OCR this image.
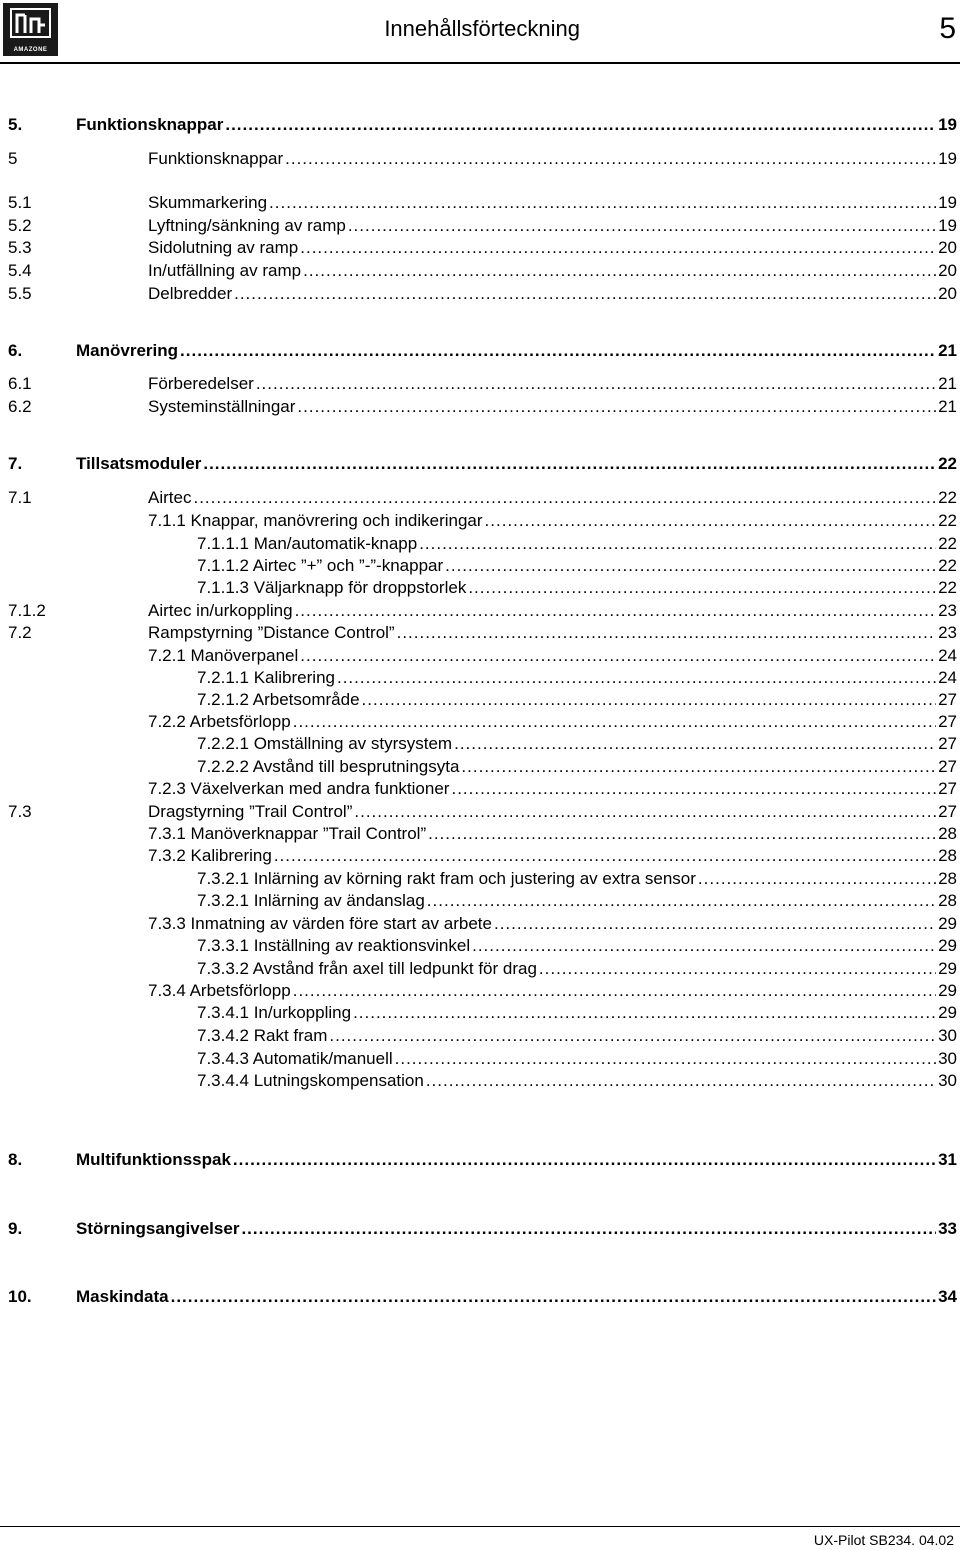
AMAZONE
Innehållsförteckning	5
5.	Funktionsknappar .....	19
5	Funktionsknappar .....	19
5.1	Skummarkering .....	19
5.2	Lyftning/sänkning av ramp .....	19
5.3	Sidolutning av ramp .....	20
5.4	In/utfällning av ramp .....	20
5.5	Delbredder .....	20
6.	Manövrering .....	21
6.1	Förberedelser .....	21
6.2	Systeminställningar .....	21
7.	Tillsatsmoduler .....	22
7.1	Airtec .....	22
7.1.1 Knappar, manövrering och indikeringar .....	22
7.1.1.1 Man/automatik-knapp .....	22
7.1.1.2 Airtec ”+” och ”-”-knappar .....	22
7.1.1.3 Väljarknapp för droppstorlek .....	22
7.1.2	Airtec in/urkoppling .....	23
7.2	Rampstyrning ”Distance Control” .....	23
7.2.1 Manöverpanel .....	24
7.2.1.1 Kalibrering .....	24
7.2.1.2 Arbetsområde .....	27
7.2.2 Arbetsförlopp .....	27
7.2.2.1 Omställning av styrsystem .....	27
7.2.2.2 Avstånd till besprutningsyta .....	27
7.2.3 Växelverkan med andra funktioner .....	27
7.3	Dragstyrning ”Trail Control” .....	27
7.3.1 Manöverknappar ”Trail Control” .....	28
7.3.2 Kalibrering .....	28
7.3.2.1 Inlärning av körning rakt fram och justering av extra sensor .....	28
7.3.2.1 Inlärning av ändanslag .....	28
7.3.3 Inmatning av värden före start av arbete .....	29
7.3.3.1 Inställning av reaktionsvinkel .....	29
7.3.3.2 Avstånd från axel till ledpunkt för drag .....	29
7.3.4 Arbetsförlopp .....	29
7.3.4.1 In/urkoppling .....	29
7.3.4.2 Rakt fram .....	30
7.3.4.3 Automatik/manuell .....	30
7.3.4.4 Lutningskompensation .....	30
8.	Multifunktionsspak .....	31
9.	Störningsangivelser .....	33
10.	Maskindata .....	34
UX-Pilot SB234. 04.02
